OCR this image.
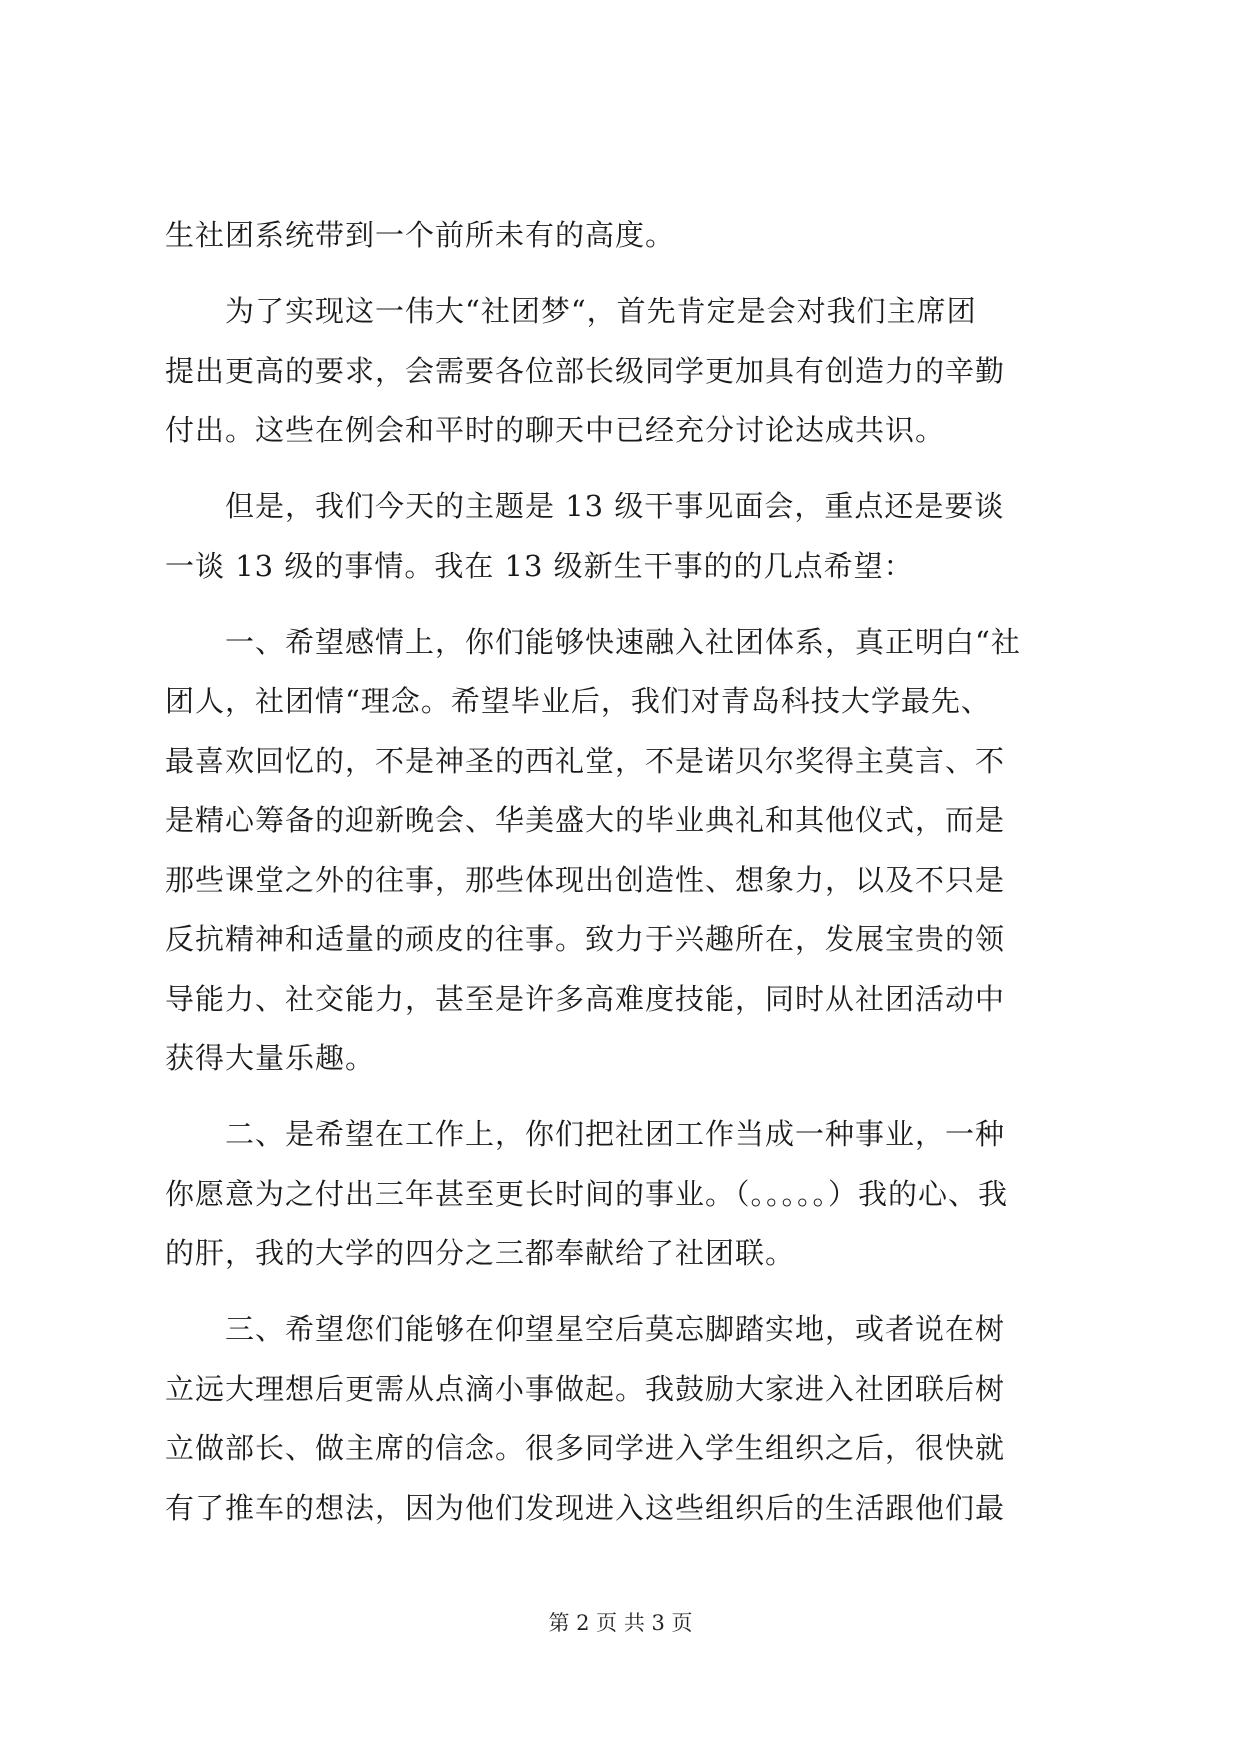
生社团系统带到一个前所未有的高度。
　　为了实现这一伟大“社团梦“，首先肯定是会对我们主席团
提出更高的要求，会需要各位部长级同学更加具有创造力的辛勤
付出。这些在例会和平时的聊天中已经充分讨论达成共识。
　　但是，我们今天的主题是 13 级干事见面会，重点还是要谈
一谈 13 级的事情。我在 13 级新生干事的的几点希望：
　　一、希望感情上，你们能够快速融入社团体系，真正明白“社
团人，社团情“理念。希望毕业后，我们对青岛科技大学最先、
最喜欢回忆的，不是神圣的西礼堂，不是诺贝尔奖得主莫言、不
是精心筹备的迎新晚会、华美盛大的毕业典礼和其他仪式，而是
那些课堂之外的往事，那些体现出创造性、想象力，以及不只是
反抗精神和适量的顽皮的往事。致力于兴趣所在，发展宝贵的领
导能力、社交能力，甚至是许多高难度技能，同时从社团活动中
获得大量乐趣。
　　二、是希望在工作上，你们把社团工作当成一种事业，一种
你愿意为之付出三年甚至更长时间的事业。（。。。。。）我的心、我
的肝，我的大学的四分之三都奉献给了社团联。
　　三、希望您们能够在仰望星空后莫忘脚踏实地，或者说在树
立远大理想后更需从点滴小事做起。我鼓励大家进入社团联后树
立做部长、做主席的信念。很多同学进入学生组织之后，很快就
有了推车的想法，因为他们发现进入这些组织后的生活跟他们最
第 2 页 共 3 页
